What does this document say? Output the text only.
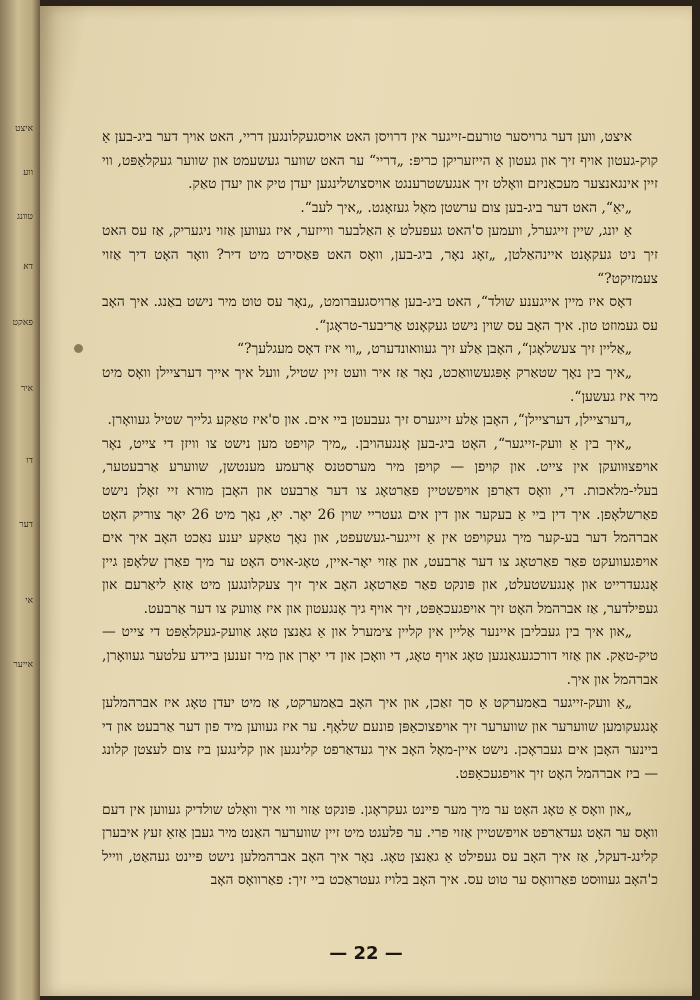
איצט
ווע
טוונג
דא
פאקט
איר
דו
דער
אי
אייער

איצט, ווען דער גרויסער טורעם-זייגער אין דרויסן האט אויסגעקלונגען דריי, האט אויך דער ביג-בען אַ קוק-געטון אויף זיך און געטון אַ הייזעריקן כריפּ: „דריי“ ער האט שווער געשעמט און שווער געקלאַפּט, ווי זיין אינגאנצער מעכאַניזם וואָלט זיך אנגעשטרענגט אויסצושלינגען יעדן טיק און יעדן טאַק.

„יאַ“, האט דער ביג-בען צום ערשטן מאָל געזאָגט. „איך לעב“.

אַ יונג, שיין זייגערל, וועמען ס'האט געפעלט אַ האַלבער ווייזער, איז געווען אַזוי ניגעריק, אַז עס האט זיך ניט געקאָנט איינהאַלטן, „זאָג נאָר, ביג-בען, וואָס האט פּאַסירט מיט דיר? וואָר האָט דיך אַזוי צעמזיקט?“

דאָס איז מיין אייגענע שולד“, האט ביג-בען אַרויסגעבּרומט, „נאָר עס טוט מיר נישט באַנג. איך האָב עס געמוזט טון. איך האָב עס שוין נישט געקאָנט אַריבער-טראָגן“.

„אַליין זיך צעשלאָגן“, האָבן אַלע זיך געוואונדערט, „ווי איז דאָס מעגלעך?“

„איך בין נאָך שטאַרק אָפּגעשוואַכט, נאָר אַז איר וועט זיין שטיל, וועל איך אייך דערציילן וואָס מיט מיר איז געשען“.

„דערציילן, דערציילן“, האָבן אַלע זייגערס זיך געבעטן ביי אים. און ס'איז טאַקע גלייך שטיל געוואָרן.

„איך בין אַ וועק-זייגער“, האָט ביג-בען אָנגעהויבן. „מיך קויפט מען נישט צו וויזן די צייט, נאָר אויפצוּוועקן אין צייט. און קויפן — קויפן מיר מערסטנס אָרעמע מענטשן, שווערע אַרבעטער, בעלי-מלאכות. די, וואָס דאַרפן אויפשטיין פאַרטאָג צו דער אַרבעט און האָבן מורא זיי זאָלן נישט פאַרשלאָפן. איך דין ביי אַ בעקער און דין אים געטריי שוין 26 יאָר. יאָ, נאָך מיט 26 יאָר צוריק האָט אברהמל דער בע-קער מיך געקויפט אין אַ זייגער-געשעפט, און נאָך טאַקע יענע נאַכט האָב איך אים אויפגעוועקט פאַר פאַרטאָג צו דער אַרבעט, און אַזוי יאָר-איין, טאָג-אויס האָט ער מיך פאַרן שלאָפן גיין אָנגעדרייט און אָנגעשטעלט, און פּונקט פאַר פאַרטאָג האָב איך זיך צעקלונגען מיט אַזאַ ליאַרעם און געפילדער, אַז אברהמל האָט זיך אויפגעכאַפּט, זיך אויף גיך אָנגעטון און איז אַוועק צו דער אַרבעט.

„און איך בין געבליבן איינער אַליין אין קליין צימערל און אַ גאַנצן טאָג אַוועק-געקלאַפּט די צייט — טיק-טאַק. און אַזוי דורכגעגאַנגען טאָג אויף טאָג, די וואָכן און די יאָרן און מיר זענען ביידע עלטער געוואָרן, אברהמל און איך.

„אַ וועק-זייגער באַמערקט אַ סך זאַכן, און איך האָב באַמערקט, אַז מיט יעדן טאָג איז אברהמלען אָנגעקומען שווערער און שווערער זיך אויפצוכאַפּן פונעם שלאָף. ער איז געווען מיד פון דער אַרבעט און די ביינער האָבן אים געבראָכן. נישט איין-מאָל האָב איך געדאַרפט קלינגען און קלינגען ביז צום לעצטן קלונג — ביז אברהמל האָט זיך אויפגעכאַפּט.

„און וואָס אַ טאָג האָט ער מיך מער פיינט געקראָגן. פּונקט אַזוי ווי איך וואָלט שולדיק געווען אין דעם וואָס ער האָט געדאַרפט אויפשטיין אַזוי פרי. ער פלעגט מיט זיין שווערער האַנט מיר געבן אַזאַ זעץ איבערן קלינג-דעקל, אַז איך האָב עס געפילט אַ גאַנצן טאָג. נאָר איך האָב אברהמלען נישט פיינט געהאַט, ווייל כ'האָב געוווּסט פאַרוואָס ער טוט עס. איך האָב בלויז געטראַכט ביי זיך: פאַרוואָס האָב

— 22 —
